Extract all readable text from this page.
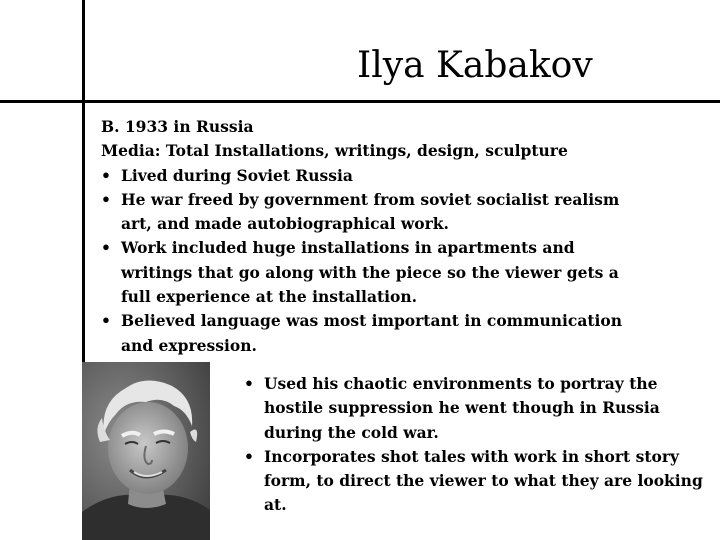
Ilya Kabakov
B. 1933 in Russia
Media: Total Installations, writings, design, sculpture
• Lived during Soviet Russia
• He war freed by government from soviet socialist realism art, and made autobiographical work.
• Work included huge installations in apartments and writings that go along with the piece so the viewer gets a full experience at the installation.
• Believed language was most important in communication and expression.
• Used his chaotic environments to portray the hostile suppression he went though in Russia during the cold war.
• Incorporates shot tales with work in short story form, to direct the viewer to what they are looking at.
